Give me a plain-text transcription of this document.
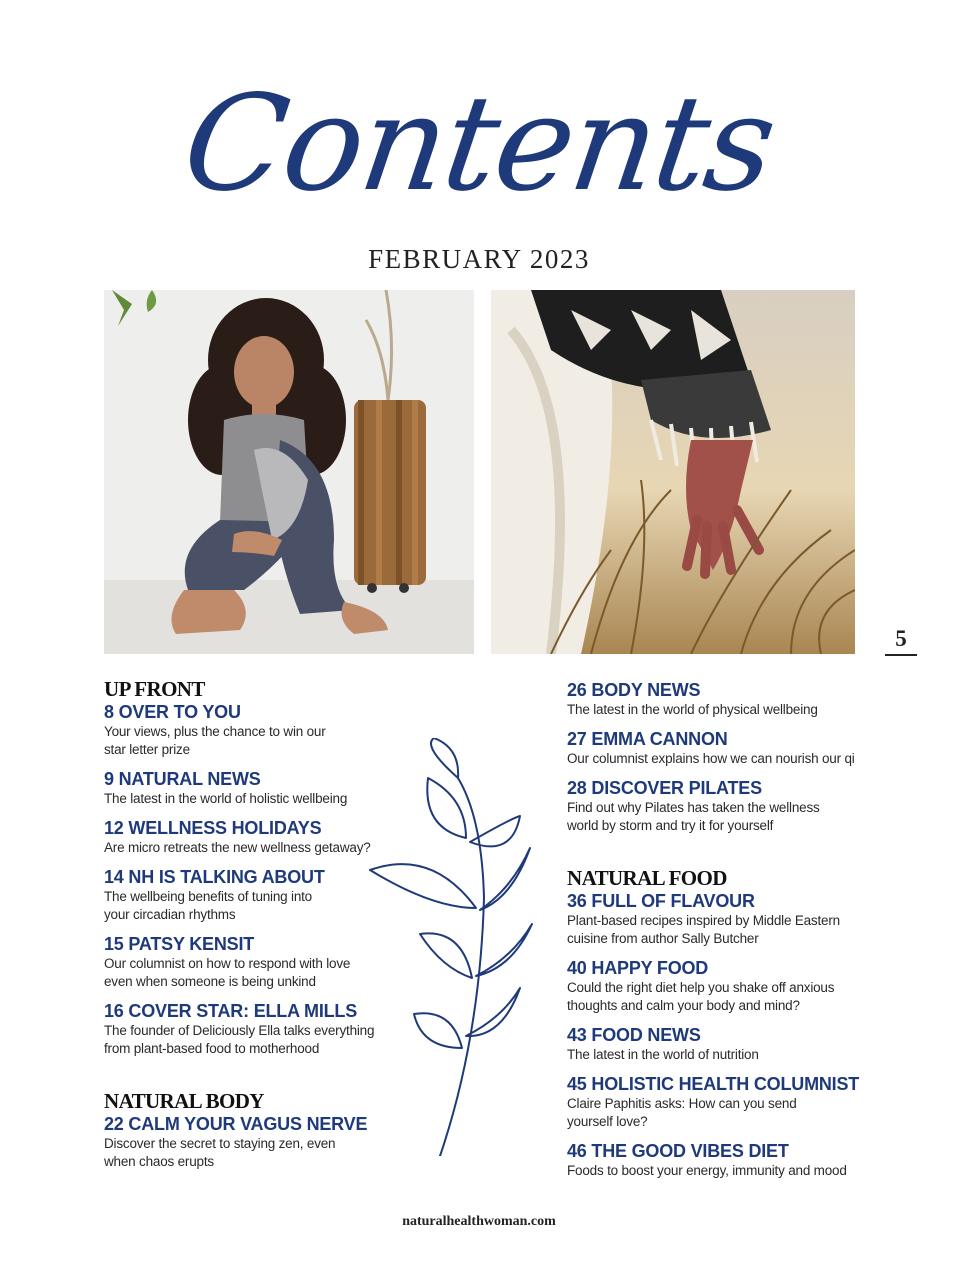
Contents
FEBRUARY 2023
5
UP FRONT
8 OVER TO YOU
Your views, plus the chance to win our
star letter prize
9 NATURAL NEWS
The latest in the world of holistic wellbeing
12 WELLNESS HOLIDAYS
Are micro retreats the new wellness getaway?
14 NH IS TALKING ABOUT
The wellbeing benefits of tuning into
your circadian rhythms
15 PATSY KENSIT
Our columnist on how to respond with love
even when someone is being unkind
16 COVER STAR: ELLA MILLS
The founder of Deliciously Ella talks everything
from plant-based food to motherhood
NATURAL BODY
22 CALM YOUR VAGUS NERVE
Discover the secret to staying zen, even
when chaos erupts
26 BODY NEWS
The latest in the world of physical wellbeing
27 EMMA CANNON
Our columnist explains how we can nourish our qi
28 DISCOVER PILATES
Find out why Pilates has taken the wellness
world by storm and try it for yourself
NATURAL FOOD
36 FULL OF FLAVOUR
Plant-based recipes inspired by Middle Eastern
cuisine from author Sally Butcher
40 HAPPY FOOD
Could the right diet help you shake off anxious
thoughts and calm your body and mind?
43 FOOD NEWS
The latest in the world of nutrition
45 HOLISTIC HEALTH COLUMNIST
Claire Paphitis asks: How can you send
yourself love?
46 THE GOOD VIBES DIET
Foods to boost your energy, immunity and mood
naturalhealthwoman.com
